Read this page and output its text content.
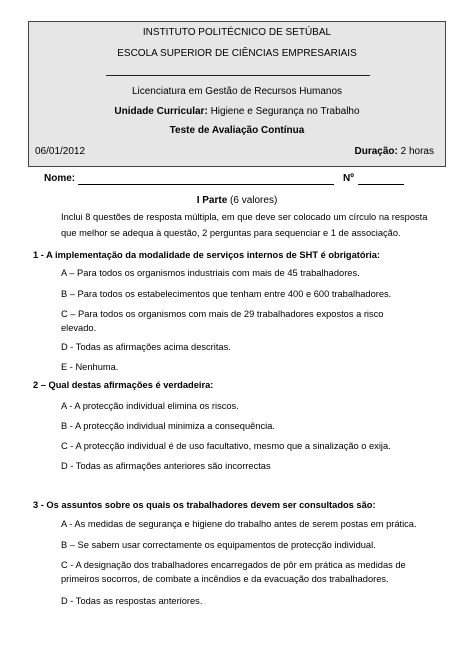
INSTITUTO POLITÉCNICO DE SETÚBAL
ESCOLA SUPERIOR DE CIÊNCIAS EMPRESARIAIS
Licenciatura em Gestão de Recursos Humanos
Unidade Curricular: Higiene e Segurança no Trabalho
Teste de Avaliação Contínua
06/01/2012	Duração: 2 horas
Nome:	Nº
I Parte (6 valores)
Inclui 8 questões de resposta múltipla, em que deve ser colocado um círculo na resposta
que melhor se adequa à questão, 2 perguntas para sequenciar e 1 de associação.
1 - A implementação da modalidade de serviços internos de SHT é obrigatória:
A – Para todos os organismos industriais com mais de 45 trabalhadores.
B – Para todos os estabelecimentos que tenham entre 400 e 600 trabalhadores.
C – Para todos os organismos com mais de 29 trabalhadores expostos a risco
elevado.
D - Todas as afirmações acima descritas.
E - Nenhuma.
2 – Qual destas afirmações é verdadeira:
A - A protecção individual elimina os riscos.
B - A protecção individual minimiza a consequência.
C - A protecção individual é de uso facultativo, mesmo que a sinalização o exija.
D - Todas as afirmações anteriores são incorrectas
3 - Os assuntos sobre os quais os trabalhadores devem ser consultados são:
A - As medidas de segurança e higiene do trabalho antes de serem postas em prática.
B – Se sabem usar correctamente os equipamentos de protecção individual.
C - A designação dos trabalhadores encarregados de pôr em prática as medidas de
primeiros socorros, de combate a incêndios e da evacuação dos trabalhadores.
D - Todas as respostas anteriores.
